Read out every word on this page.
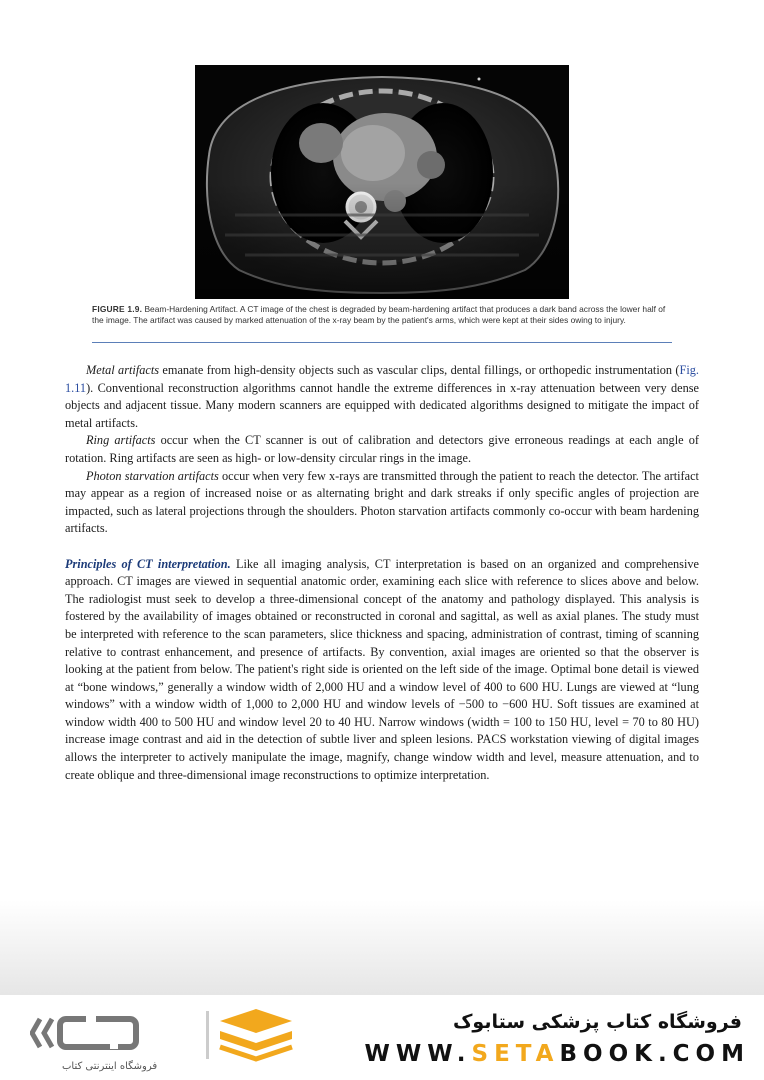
FIGURE 1.9. Beam-Hardening Artifact. A CT image of the chest is degraded by beam-hardening artifact that produces a dark band across the lower half of the image. The artifact was caused by marked attenuation of the x-ray beam by the patient's arms, which were kept at their sides owing to injury.

Metal artifacts emanate from high-density objects such as vascular clips, dental fillings, or orthopedic instrumentation (Fig. 1.11). Conventional reconstruction algorithms cannot handle the extreme differences in x-ray attenuation between very dense objects and adjacent tissue. Many modern scanners are equipped with dedicated algorithms designed to mitigate the impact of metal artifacts.

Ring artifacts occur when the CT scanner is out of calibration and detectors give erroneous readings at each angle of rotation. Ring artifacts are seen as high- or low-density circular rings in the image.

Photon starvation artifacts occur when very few x-rays are transmitted through the patient to reach the detector. The artifact may appear as a region of increased noise or as alternating bright and dark streaks if only specific angles of projection are impacted, such as lateral projections through the shoulders. Photon starvation artifacts commonly co-occur with beam hardening artifacts.

Principles of CT interpretation. Like all imaging analysis, CT interpretation is based on an organized and comprehensive approach. CT images are viewed in sequential anatomic order, examining each slice with reference to slices above and below. The radiologist must seek to develop a three-dimensional concept of the anatomy and pathology displayed. This analysis is fostered by the availability of images obtained or reconstructed in coronal and sagittal, as well as axial planes. The study must be interpreted with reference to the scan parameters, slice thickness and spacing, administration of contrast, timing of scanning relative to contrast enhancement, and presence of artifacts. By convention, axial images are oriented so that the observer is looking at the patient from below. The patient's right side is oriented on the left side of the image. Optimal bone detail is viewed at “bone windows,” generally a window width of 2,000 HU and a window level of 400 to 600 HU. Lungs are viewed at “lung windows” with a window width of 1,000 to 2,000 HU and window levels of −500 to −600 HU. Soft tissues are examined at window width 400 to 500 HU and window level 20 to 40 HU. Narrow windows (width = 100 to 150 HU, level = 70 to 80 HU) increase image contrast and aid in the detection of subtle liver and spleen lesions. PACS workstation viewing of digital images allows the interpreter to actively manipulate the image, magnify, change window width and level, measure attenuation, and to create oblique and three-dimensional image reconstructions to optimize interpretation.

فروشگاه اینترنتی کتاب
فروشگاه کتاب پزشکی ستابوک
WWW.SETABOOK.COM
